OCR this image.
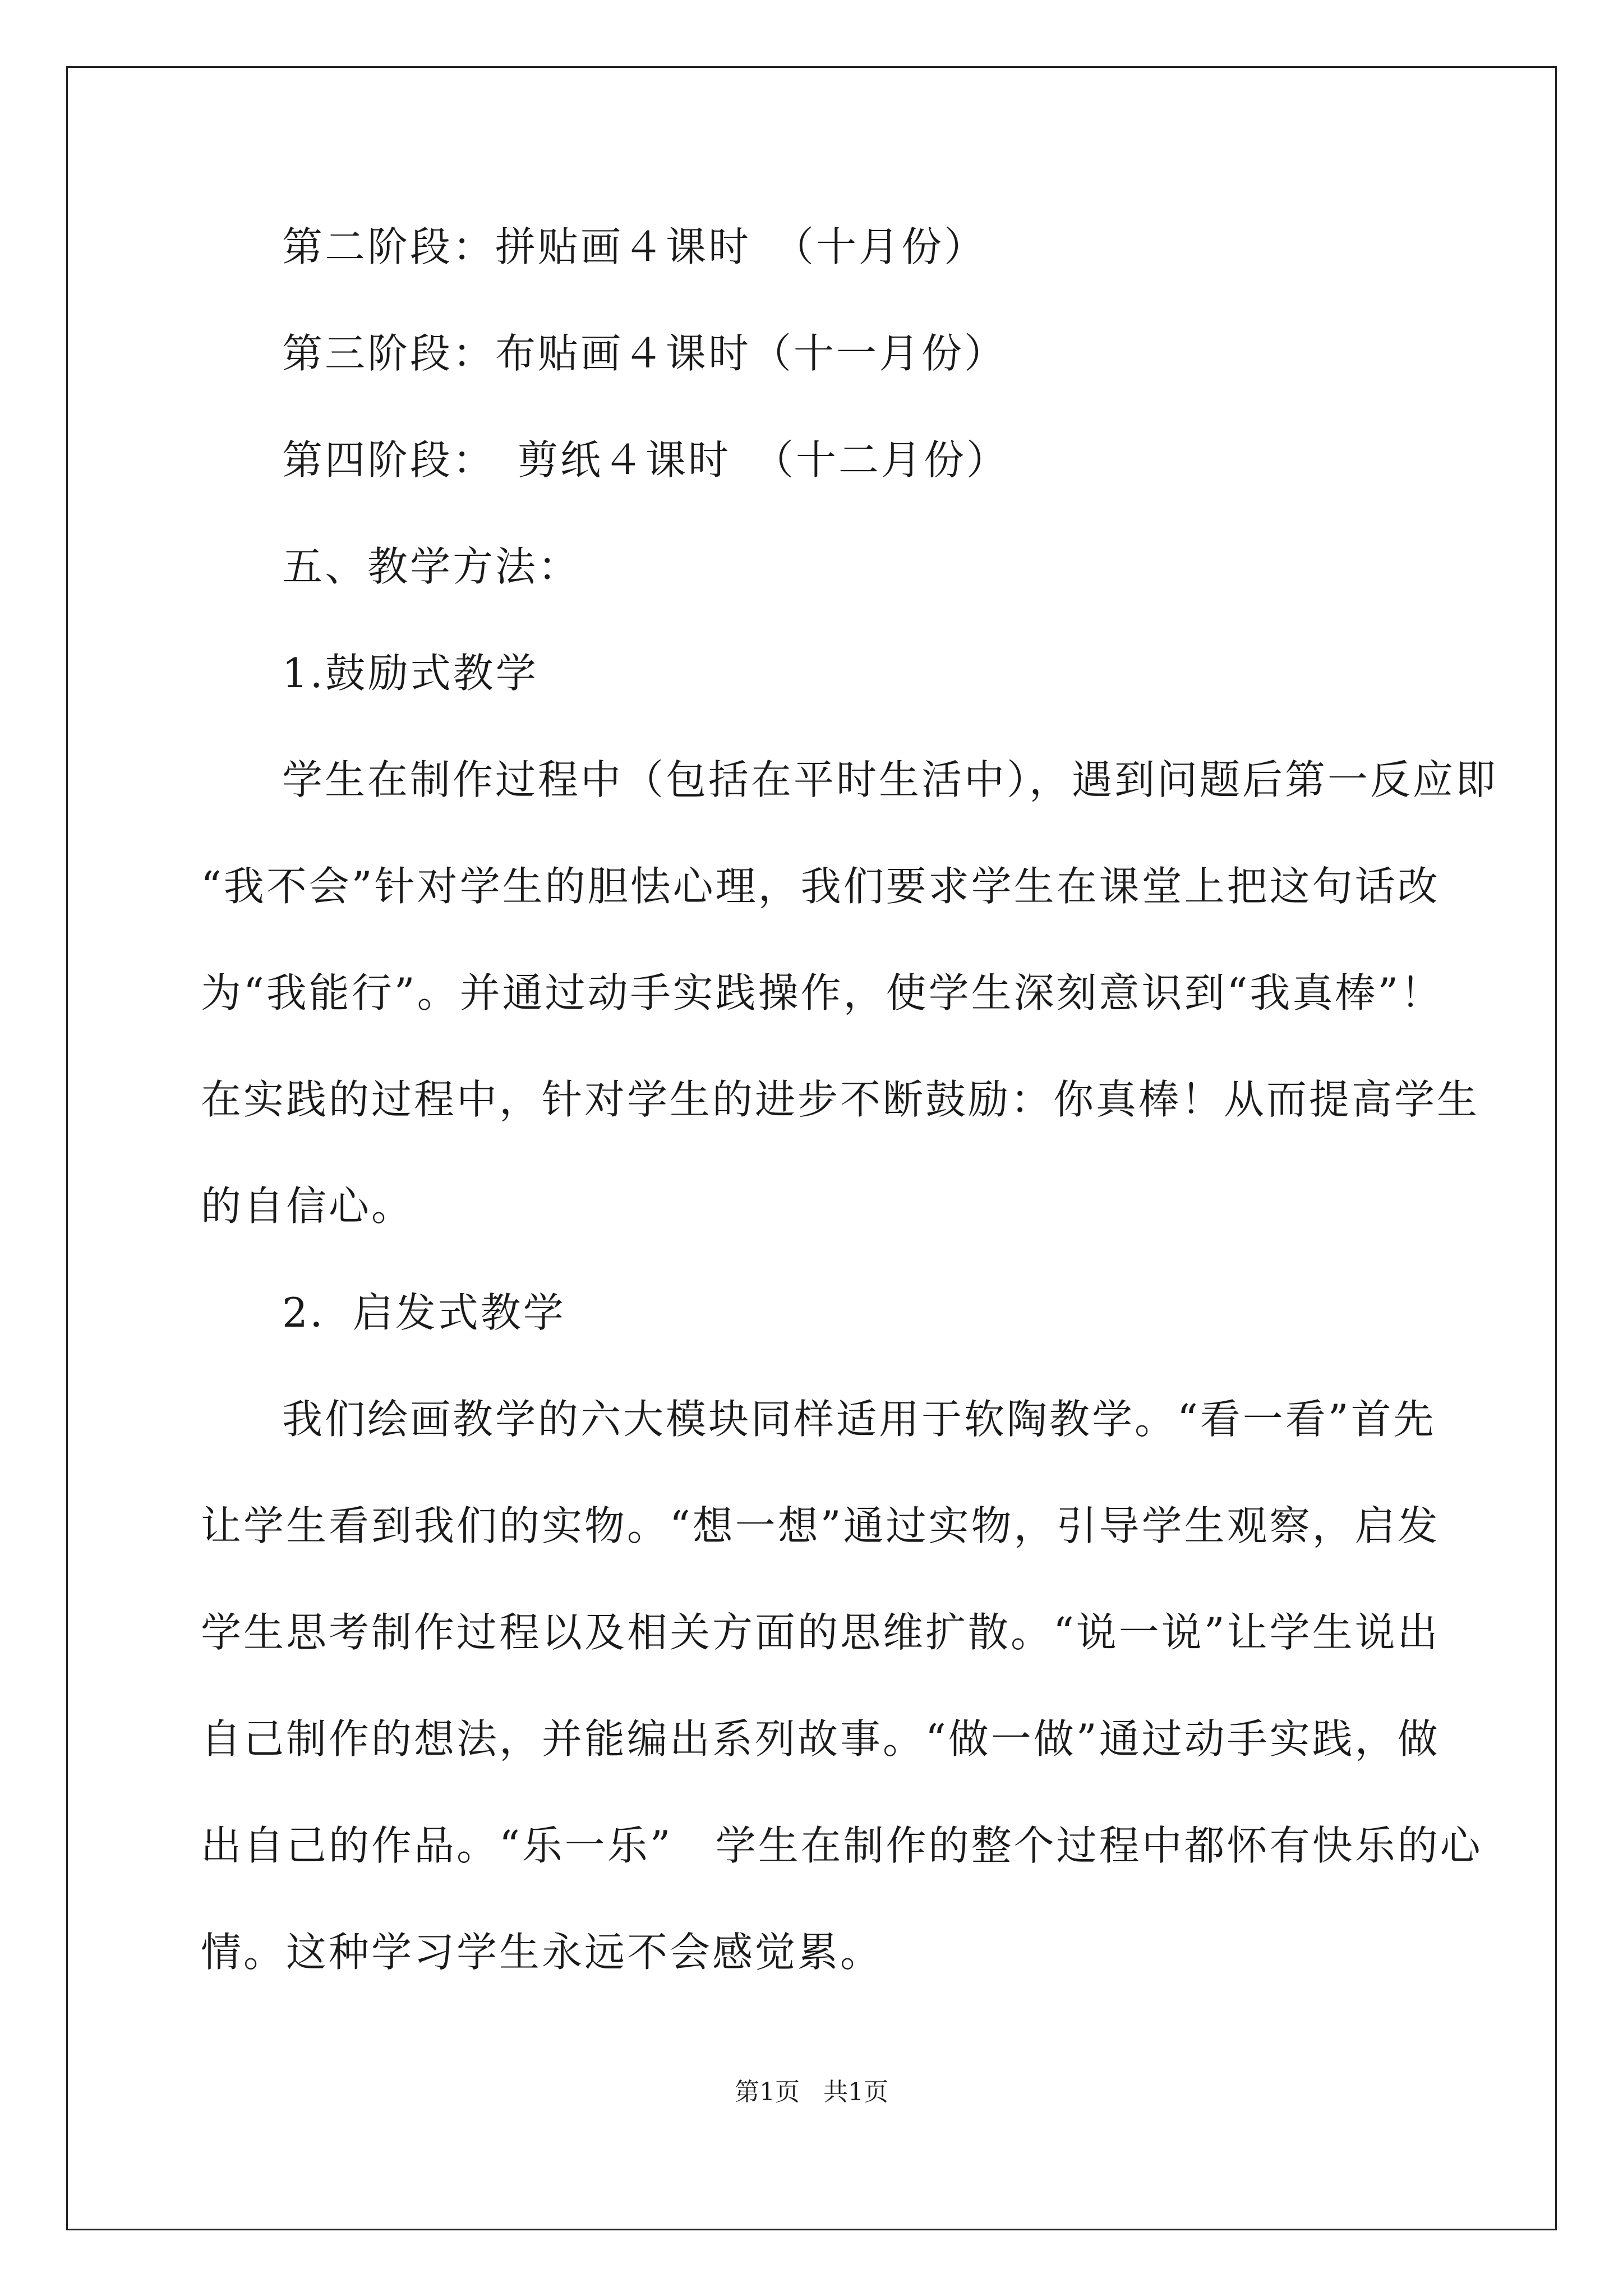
第二阶段：拼贴画４课时　（十月份）
第三阶段：布贴画４课时（十一月份）
第四阶段：　剪纸４课时　（十二月份）
五、教学方法：
1.鼓励式教学
学生在制作过程中（包括在平时生活中），遇到问题后第一反应即
“我不会”针对学生的胆怯心理，我们要求学生在课堂上把这句话改
为“我能行”。并通过动手实践操作，使学生深刻意识到“我真棒”！
在实践的过程中，针对学生的进步不断鼓励：你真棒！从而提高学生
的自信心。
2．启发式教学
我们绘画教学的六大模块同样适用于软陶教学。“看一看”首先
让学生看到我们的实物。“想一想”通过实物，引导学生观察，启发
学生思考制作过程以及相关方面的思维扩散。“说一说”让学生说出
自己制作的想法，并能编出系列故事。“做一做”通过动手实践，做
出自己的作品。“乐一乐”　学生在制作的整个过程中都怀有快乐的心
情。这种学习学生永远不会感觉累。
第1页 共1页
